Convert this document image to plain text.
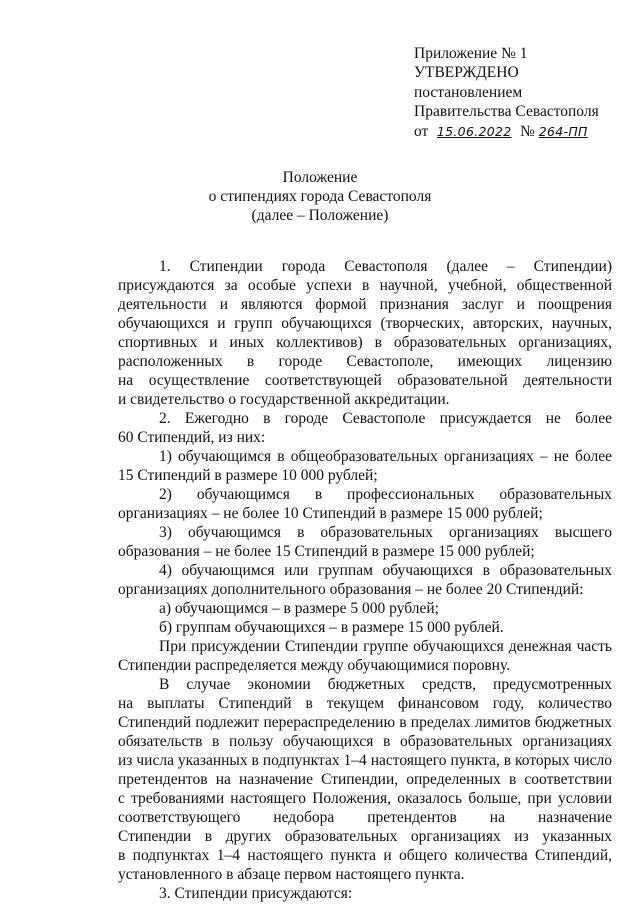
Приложение № 1
УТВЕРЖДЕНО
постановлением
Правительства Севастополя
от 15.06.2022 № 264-ПП
Положение
о стипендиях города Севастополя
(далее – Положение)
1. Стипендии города Севастополя (далее – Стипендии)
присуждаются за особые успехи в научной, учебной, общественной
деятельности и являются формой признания заслуг и поощрения
обучающихся и групп обучающихся (творческих, авторских, научных,
спортивных и иных коллективов) в образовательных организациях,
расположенных в городе Севастополе, имеющих лицензию
на осуществление соответствующей образовательной деятельности
и свидетельство о государственной аккредитации.
2. Ежегодно в городе Севастополе присуждается не более
60 Стипендий, из них:
1) обучающимся в общеобразовательных организациях – не более
15 Стипендий в размере 10 000 рублей;
2) обучающимся в профессиональных образовательных
организациях – не более 10 Стипендий в размере 15 000 рублей;
3) обучающимся в образовательных организациях высшего
образования – не более 15 Стипендий в размере 15 000 рублей;
4) обучающимся или группам обучающихся в образовательных
организациях дополнительного образования – не более 20 Стипендий:
а) обучающимся – в размере 5 000 рублей;
б) группам обучающихся – в размере 15 000 рублей.
При присуждении Стипендии группе обучающихся денежная часть
Стипендии распределяется между обучающимися поровну.
В случае экономии бюджетных средств, предусмотренных
на выплаты Стипендий в текущем финансовом году, количество
Стипендий подлежит перераспределению в пределах лимитов бюджетных
обязательств в пользу обучающихся в образовательных организациях
из числа указанных в подпунктах 1–4 настоящего пункта, в которых число
претендентов на назначение Стипендии, определенных в соответствии
с требованиями настоящего Положения, оказалось больше, при условии
соответствующего недобора претендентов на назначение
Стипендии в других образовательных организациях из указанных
в подпунктах 1–4 настоящего пункта и общего количества Стипендий,
установленного в абзаце первом настоящего пункта.
3. Стипендии присуждаются:
